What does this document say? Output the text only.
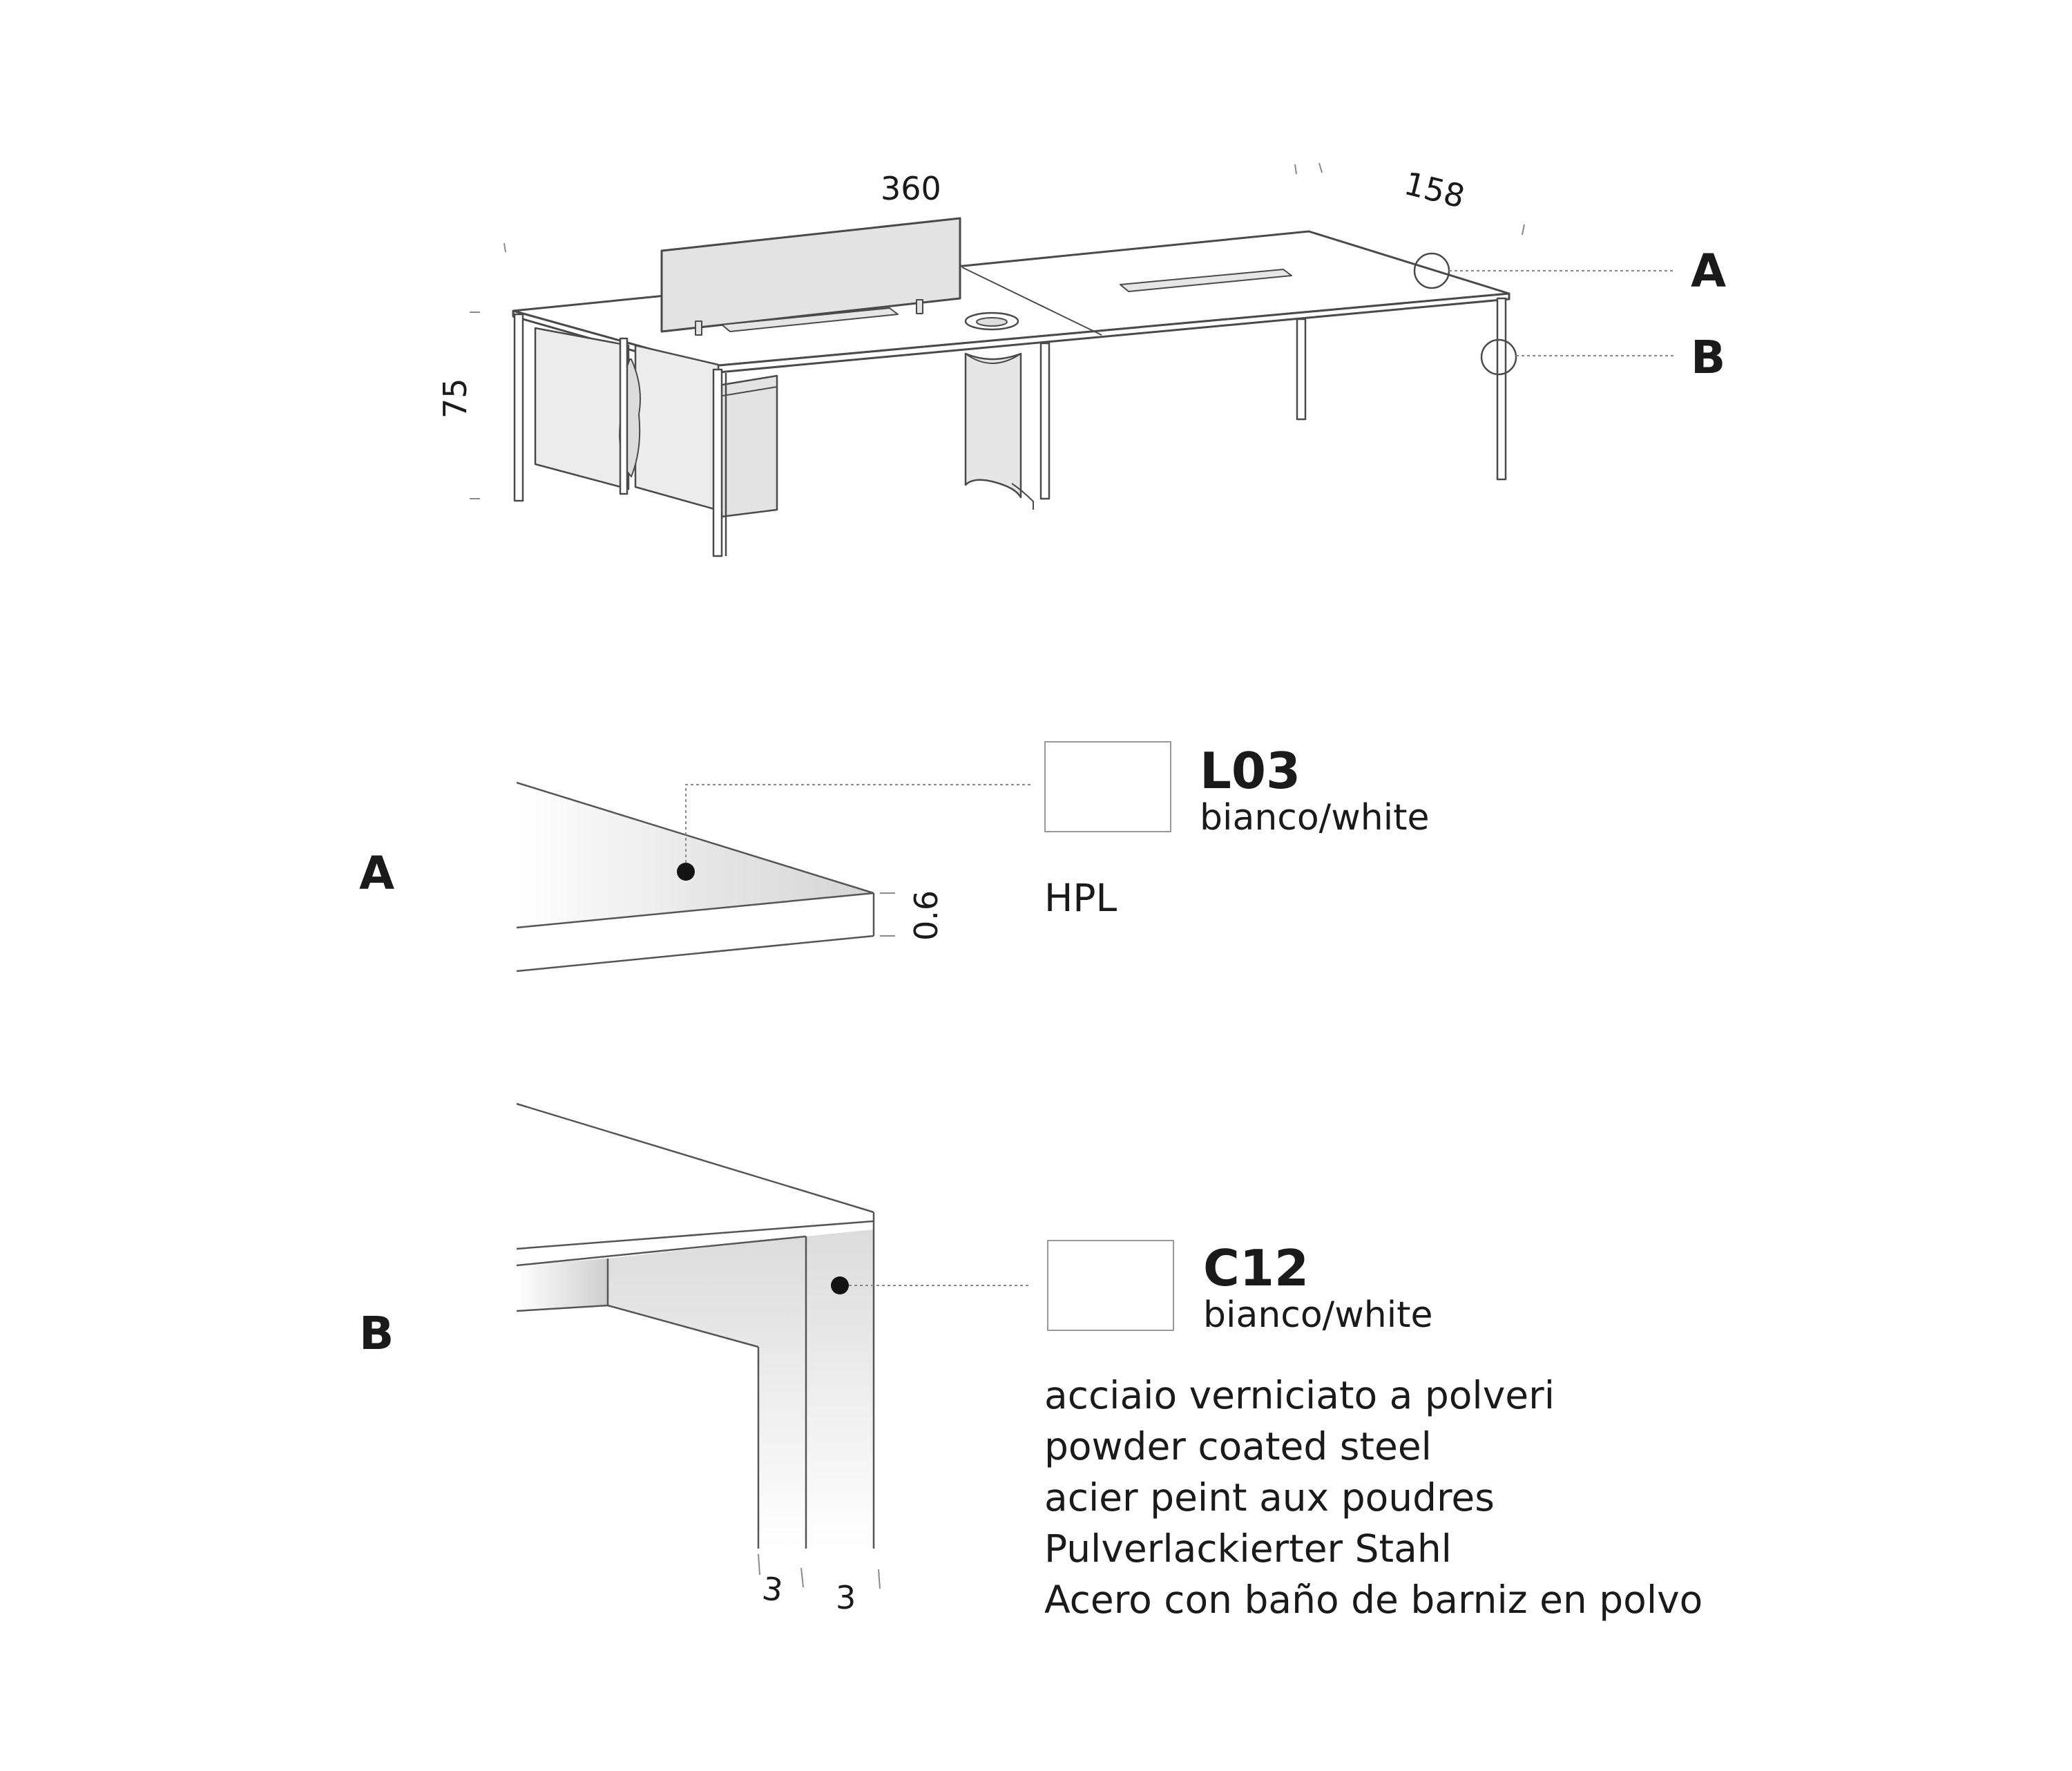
360	158
75
A
B
A
0.6
L03
bianco/white
HPL
B
C12
bianco/white
acciaio verniciato a polveri
powder coated steel
acier peint aux poudres
Pulverlackierter Stahl
Acero con baño de barniz en polvo
3 3
